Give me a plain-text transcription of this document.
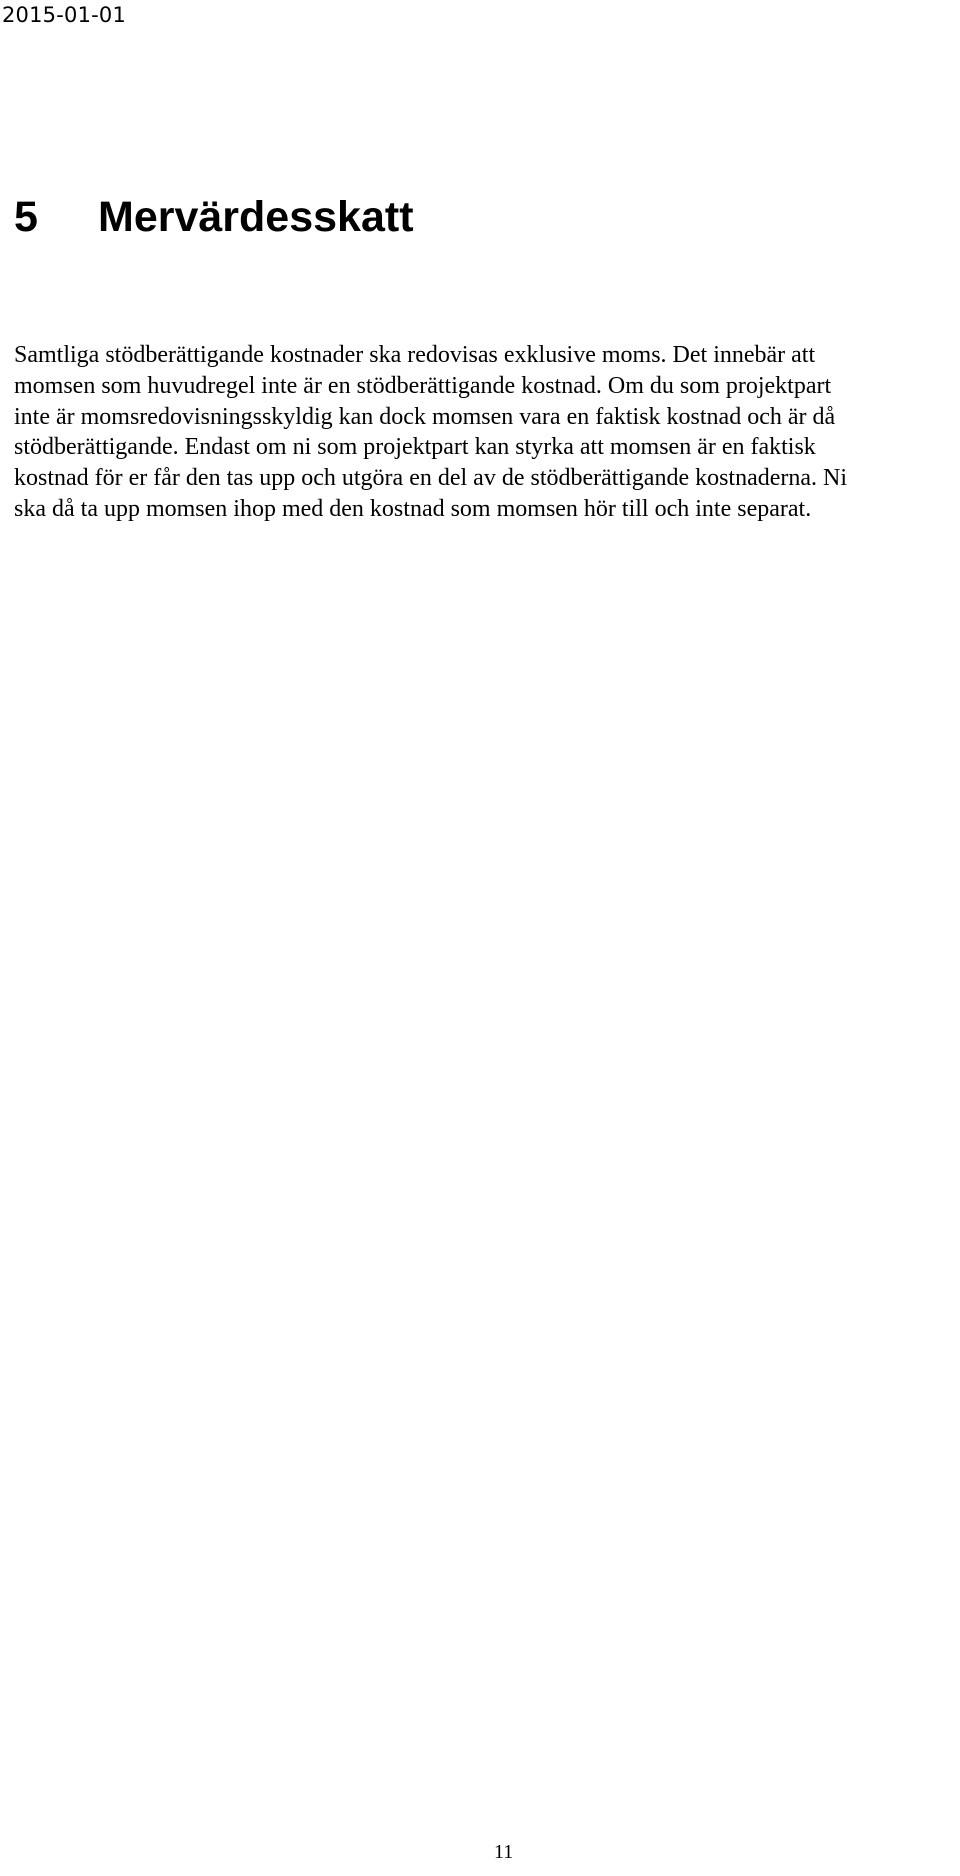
2015-01-01
5 Mervärdesskatt

Samtliga stödberättigande kostnader ska redovisas exklusive moms. Det innebär att
momsen som huvudregel inte är en stödberättigande kostnad. Om du som projektpart
inte är momsredovisningsskyldig kan dock momsen vara en faktisk kostnad och är då
stödberättigande. Endast om ni som projektpart kan styrka att momsen är en faktisk
kostnad för er får den tas upp och utgöra en del av de stödberättigande kostnaderna. Ni
ska då ta upp momsen ihop med den kostnad som momsen hör till och inte separat.

11
